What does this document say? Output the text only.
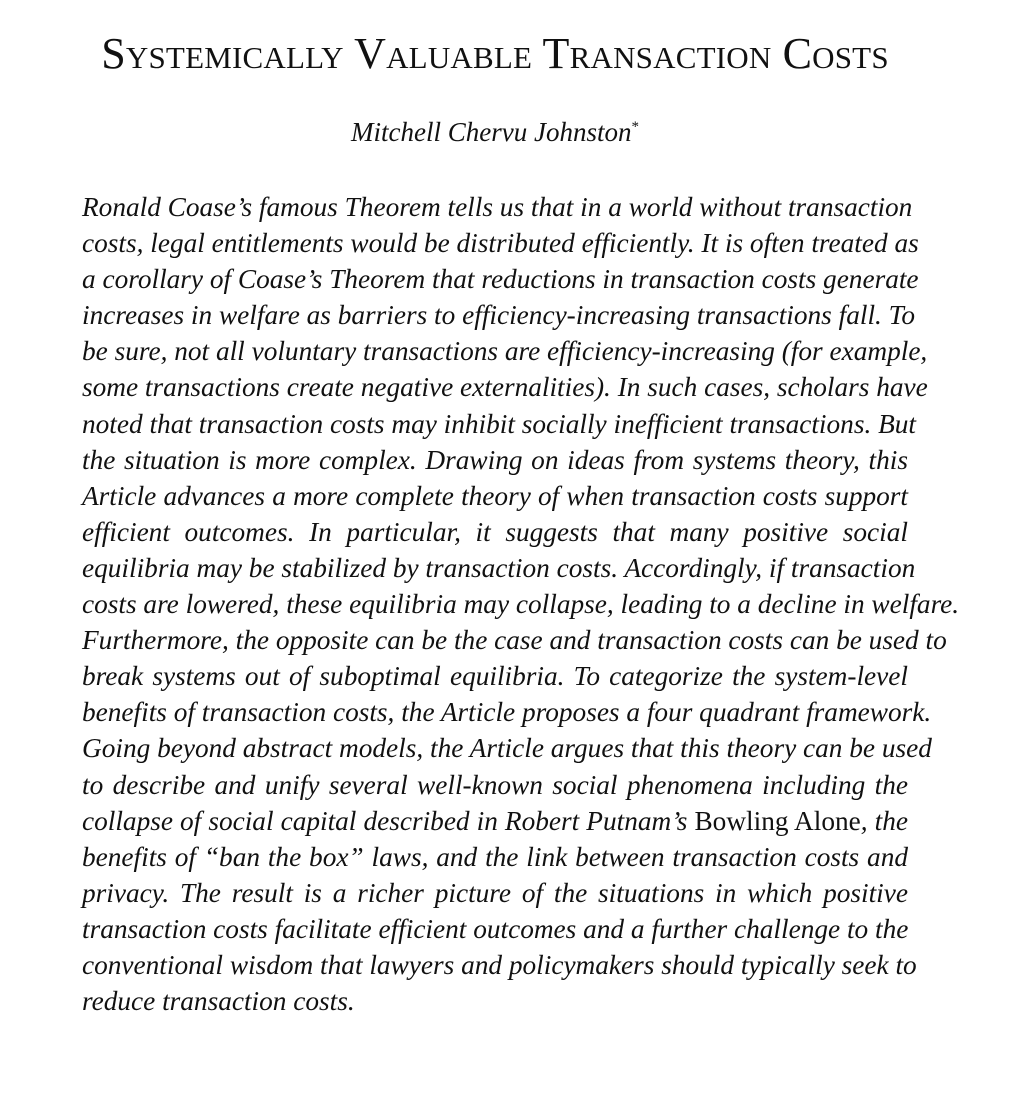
Systemically Valuable Transaction Costs
Mitchell Chervu Johnston*
Ronald Coase’s famous Theorem tells us that in a world without transaction
costs, legal entitlements would be distributed efficiently. It is often treated as
a corollary of Coase’s Theorem that reductions in transaction costs generate
increases in welfare as barriers to efficiency-increasing transactions fall. To
be sure, not all voluntary transactions are efficiency-increasing (for example,
some transactions create negative externalities). In such cases, scholars have
noted that transaction costs may inhibit socially inefficient transactions. But
the situation is more complex. Drawing on ideas from systems theory, this
Article advances a more complete theory of when transaction costs support
efficient outcomes. In particular, it suggests that many positive social
equilibria may be stabilized by transaction costs. Accordingly, if transaction
costs are lowered, these equilibria may collapse, leading to a decline in welfare.
Furthermore, the opposite can be the case and transaction costs can be used to
break systems out of suboptimal equilibria. To categorize the system-level
benefits of transaction costs, the Article proposes a four quadrant framework.
Going beyond abstract models, the Article argues that this theory can be used
to describe and unify several well-known social phenomena including the
collapse of social capital described in Robert Putnam’s Bowling Alone, the
benefits of “ban the box” laws, and the link between transaction costs and
privacy. The result is a richer picture of the situations in which positive
transaction costs facilitate efficient outcomes and a further challenge to the
conventional wisdom that lawyers and policymakers should typically seek to
reduce transaction costs.
